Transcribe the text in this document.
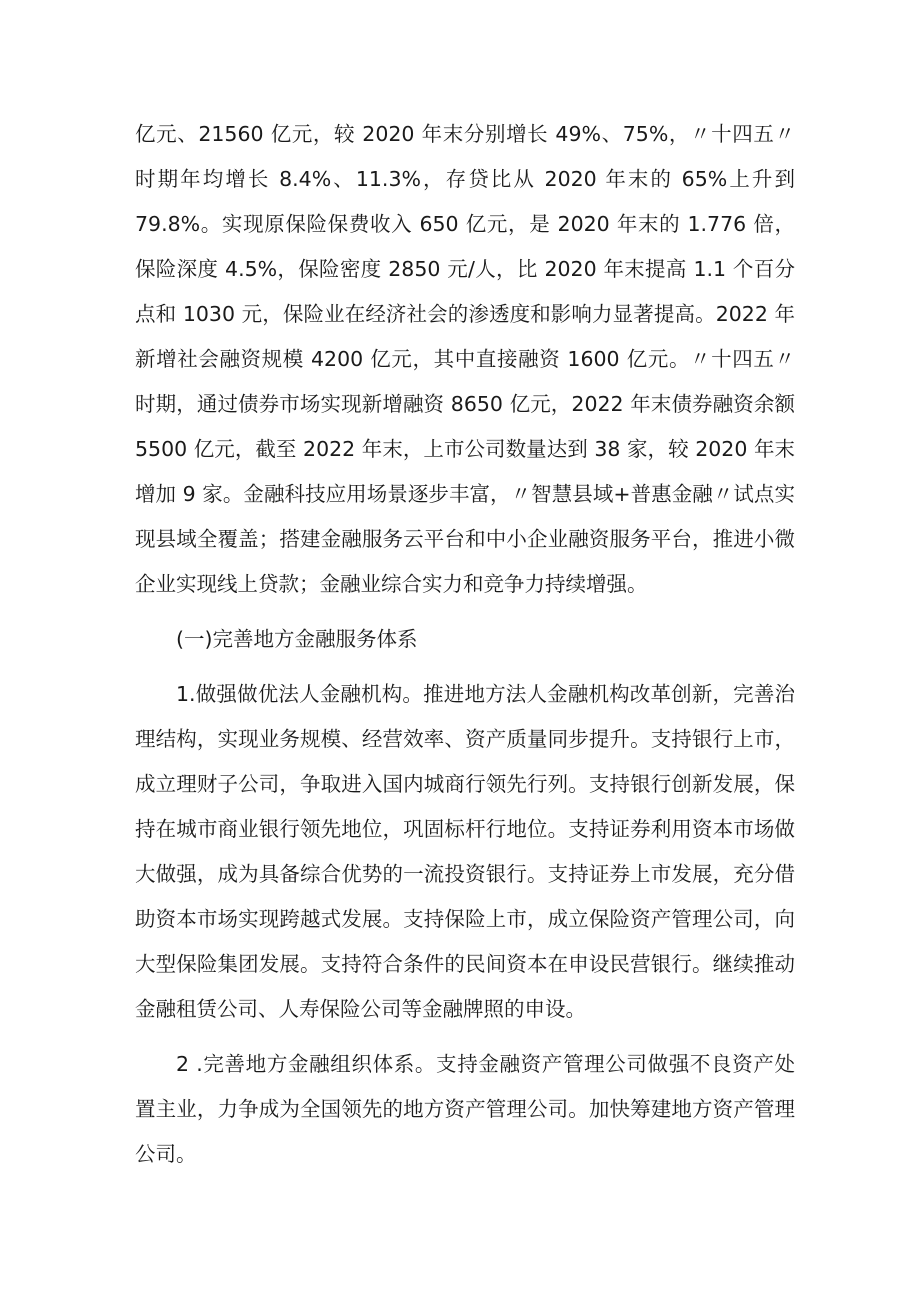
亿元、21560 亿元，较 2020 年末分别增长 49%、75%，〃十四五〃时期年均增长 8.4%、11.3%，存贷比从 2020 年末的 65%上升到 79.8%。实现原保险保费收入 650 亿元，是 2020 年末的 1.776 倍，保险深度 4.5%，保险密度 2850 元/人，比 2020 年末提高 1.1 个百分点和 1030 元，保险业在经济社会的渗透度和影响力显著提高。2022 年新增社会融资规模 4200 亿元，其中直接融资 1600 亿元。〃十四五〃时期，通过债券市场实现新增融资 8650 亿元，2022 年末债券融资余额 5500 亿元，截至 2022 年末，上市公司数量达到 38 家，较 2020 年末增加 9 家。金融科技应用场景逐步丰富，〃智慧县域+普惠金融〃试点实现县域全覆盖；搭建金融服务云平台和中小企业融资服务平台，推进小微企业实现线上贷款；金融业综合实力和竞争力持续增强。

(一)完善地方金融服务体系

1.做强做优法人金融机构。推进地方法人金融机构改革创新，完善治理结构，实现业务规模、经营效率、资产质量同步提升。支持银行上市，成立理财子公司，争取进入国内城商行领先行列。支持银行创新发展，保持在城市商业银行领先地位，巩固标杆行地位。支持证券利用资本市场做大做强，成为具备综合优势的一流投资银行。支持证券上市发展，充分借助资本市场实现跨越式发展。支持保险上市，成立保险资产管理公司，向大型保险集团发展。支持符合条件的民间资本在申设民营银行。继续推动金融租赁公司、人寿保险公司等金融牌照的申设。

2 .完善地方金融组织体系。支持金融资产管理公司做强不良资产处置主业，力争成为全国领先的地方资产管理公司。加快筹建地方资产管理公司。
